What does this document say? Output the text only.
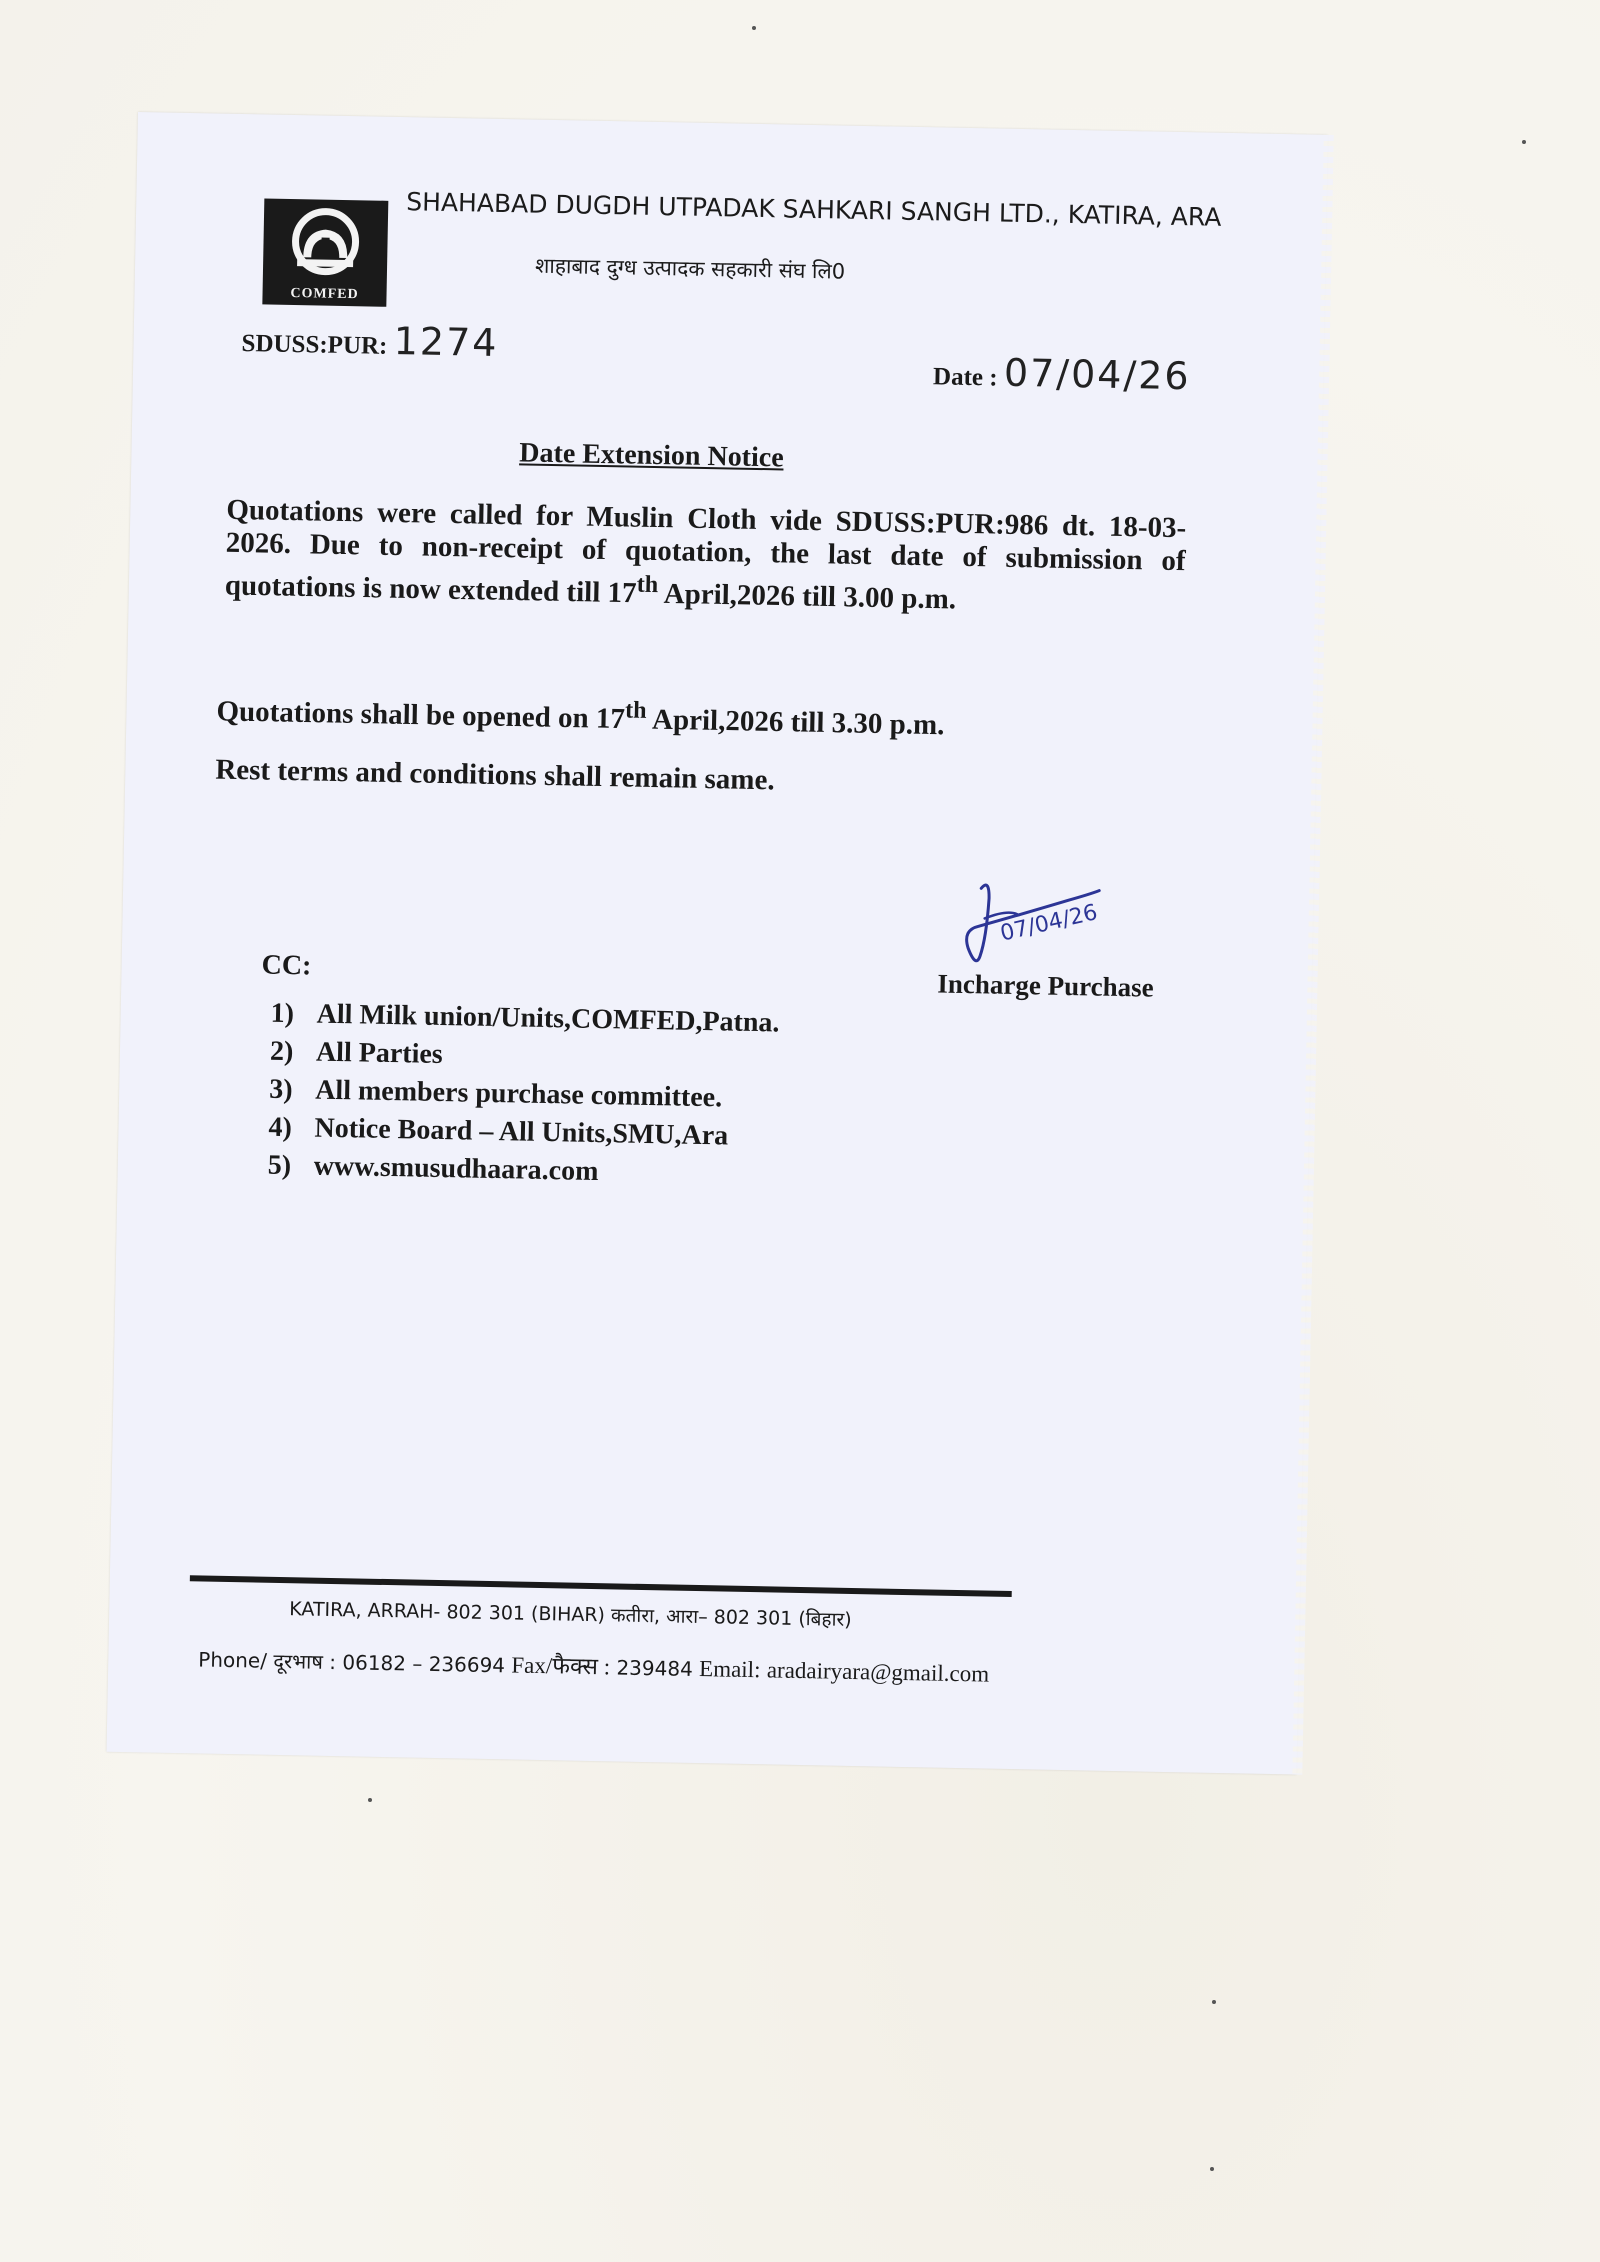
COMFED
SHAHABAD DUGDH UTPADAK SAHKARI SANGH LTD., KATIRA, ARA
शाहाबाद दुग्ध उत्पादक सहकारी संघ लि0
SDUSS:PUR: 1274
Date : 07/04/26
Date Extension Notice
Quotations were called for Muslin Cloth vide SDUSS:PUR:986 dt. 18-03- 2026. Due to non-receipt of quotation, the last date of submission of quotations is now extended till 17th April,2026 till 3.00 p.m.
Quotations shall be opened on 17th April,2026 till 3.30 p.m.
Rest terms and conditions shall remain same.
07/04/26
Incharge Purchase
CC:
1) All Milk union/Units,COMFED,Patna.
2) All Parties
3) All members purchase committee.
4) Notice Board – All Units,SMU,Ara
5) www.smusudhaara.com
KATIRA, ARRAH- 802 301 (BIHAR) कतीरा, आरा– 802 301 (बिहार)
Phone/ दूरभाष : 06182 – 236694 Fax/फैक्स : 239484 Email: aradairyara@gmail.com
